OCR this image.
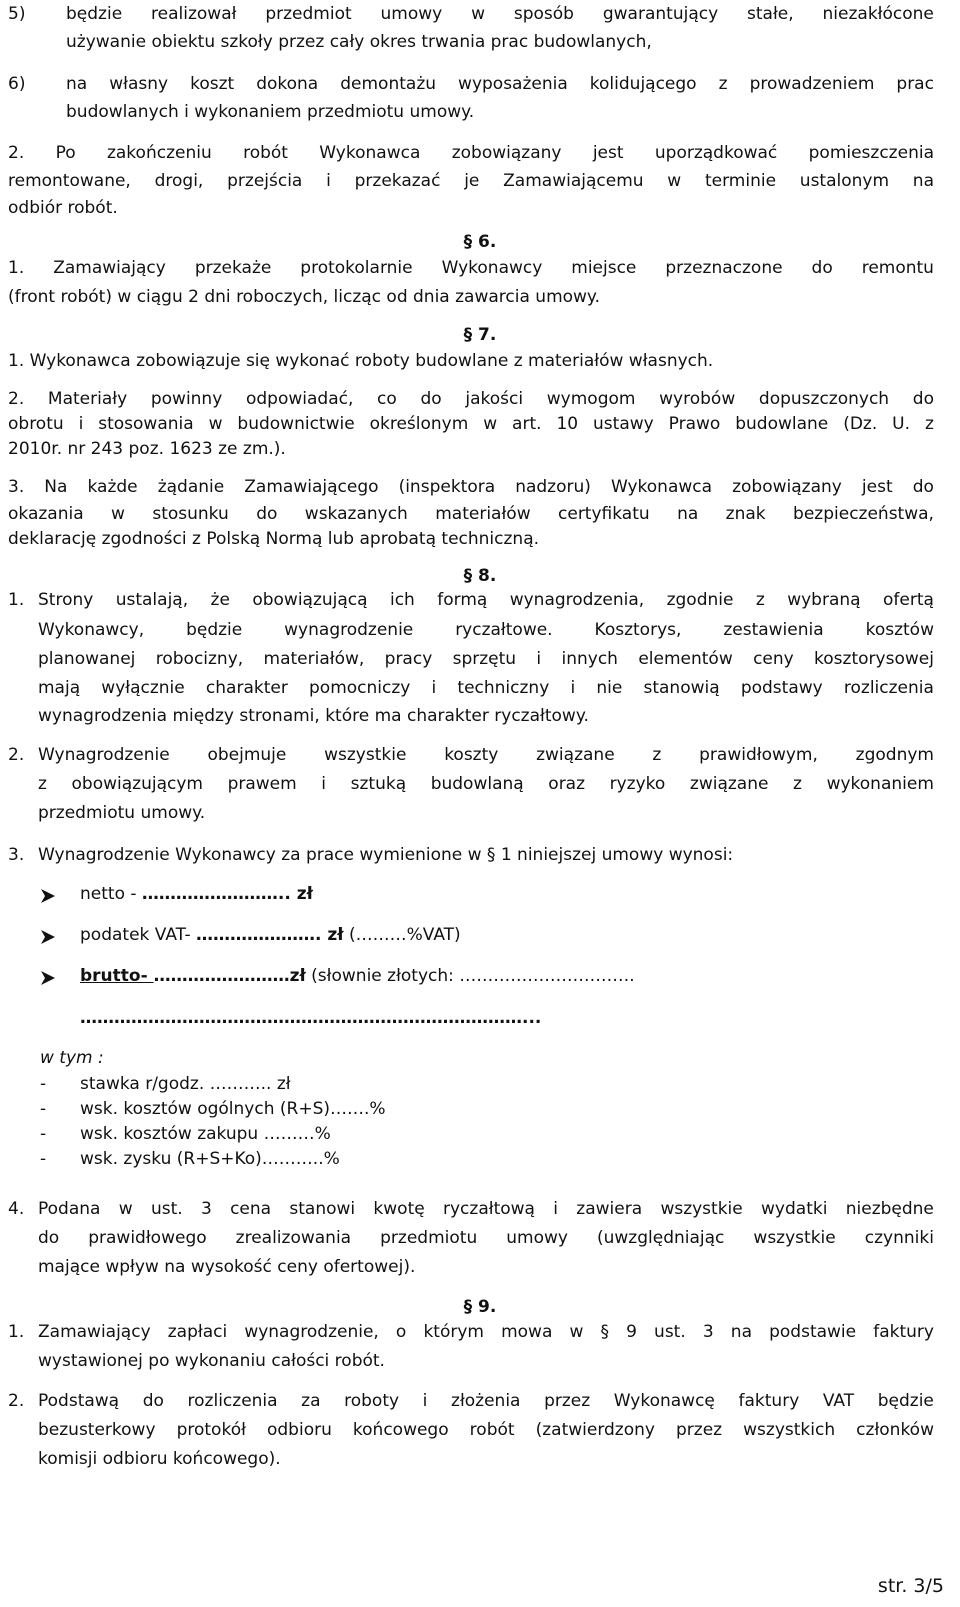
5) będzie realizował przedmiot umowy w sposób gwarantujący stałe, niezakłócone
używanie obiektu szkoły przez cały okres trwania prac budowlanych,
6) na własny koszt dokona demontażu wyposażenia kolidującego z prowadzeniem prac
budowlanych i wykonaniem przedmiotu umowy.
2. Po zakończeniu robót Wykonawca zobowiązany jest uporządkować pomieszczenia
remontowane, drogi, przejścia i przekazać je Zamawiającemu w terminie ustalonym na
odbiór robót.
§ 6.
1. Zamawiający przekaże protokolarnie Wykonawcy miejsce przeznaczone do remontu
(front robót) w ciągu 2 dni roboczych, licząc od dnia zawarcia umowy.
§ 7.
1. Wykonawca zobowiązuje się wykonać roboty budowlane z materiałów własnych.
2. Materiały powinny odpowiadać, co do jakości wymogom wyrobów dopuszczonych do
obrotu i stosowania w budownictwie określonym w art. 10 ustawy Prawo budowlane (Dz. U. z
2010r. nr 243 poz. 1623 ze zm.).
3. Na każde żądanie Zamawiającego (inspektora nadzoru) Wykonawca zobowiązany jest do
okazania w stosunku do wskazanych materiałów certyfikatu na znak bezpieczeństwa,
deklarację zgodności z Polską Normą lub aprobatą techniczną.
§ 8.
1. Strony ustalają, że obowiązującą ich formą wynagrodzenia, zgodnie z wybraną ofertą
Wykonawcy, będzie wynagrodzenie ryczałtowe. Kosztorys, zestawienia kosztów
planowanej robocizny, materiałów, pracy sprzętu i innych elementów ceny kosztorysowej
mają wyłącznie charakter pomocniczy i techniczny i nie stanowią podstawy rozliczenia
wynagrodzenia między stronami, które ma charakter ryczałtowy.
2. Wynagrodzenie obejmuje wszystkie koszty związane z prawidłowym, zgodnym
z obowiązującym prawem i sztuką budowlaną oraz ryzyko związane z wykonaniem
przedmiotu umowy.
3. Wynagrodzenie Wykonawcy za prace wymienione w § 1 niniejszej umowy wynosi:
netto - …………………….. zł
podatek VAT- …………………. zł (………%VAT)
brutto- ……………………zł (słownie złotych: ………………………….
……………………………………………………………………...
w tym :
- stawka r/godz. ……….. zł
- wsk. kosztów ogólnych (R+S)…….%
- wsk. kosztów zakupu ………%
- wsk. zysku (R+S+Ko)………..%
4. Podana w ust. 3 cena stanowi kwotę ryczałtową i zawiera wszystkie wydatki niezbędne
do prawidłowego zrealizowania przedmiotu umowy (uwzględniając wszystkie czynniki
mające wpływ na wysokość ceny ofertowej).
§ 9.
1. Zamawiający zapłaci wynagrodzenie, o którym mowa w § 9 ust. 3 na podstawie faktury
wystawionej po wykonaniu całości robót.
2. Podstawą do rozliczenia za roboty i złożenia przez Wykonawcę faktury VAT będzie
bezusterkowy protokół odbioru końcowego robót (zatwierdzony przez wszystkich członków
komisji odbioru końcowego).
str. 3/5
